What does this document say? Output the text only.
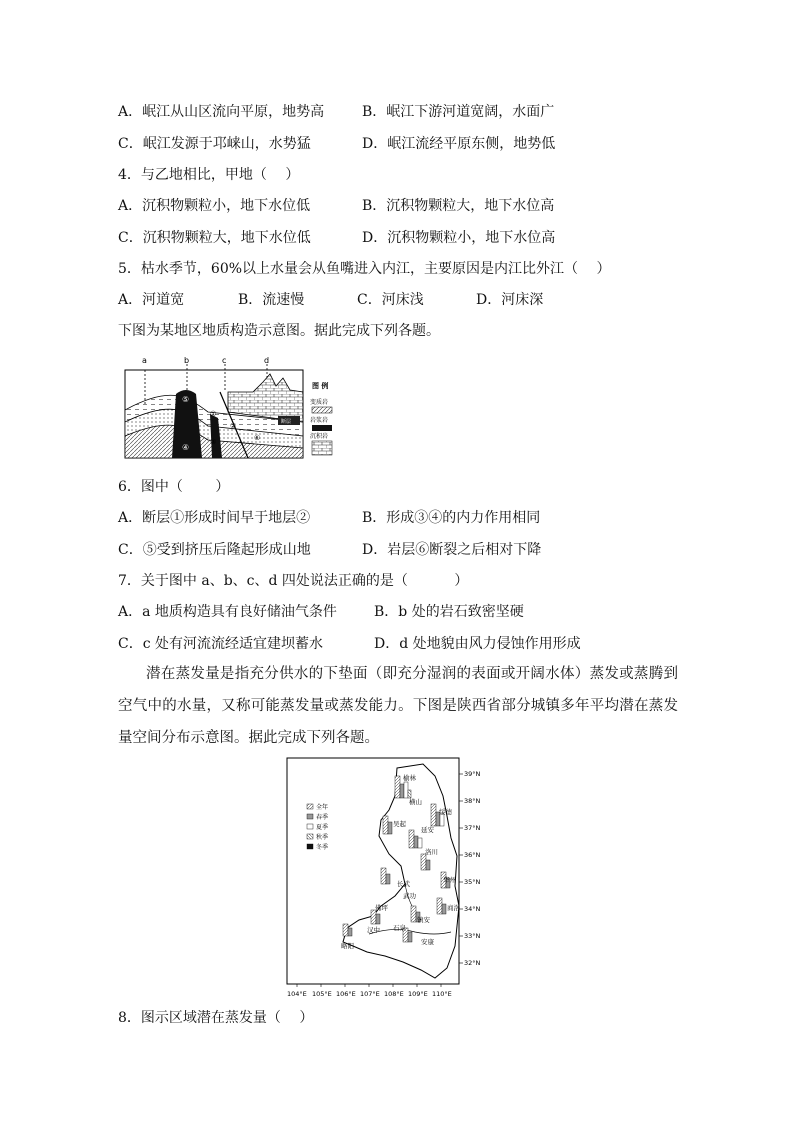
A．岷江从山区流向平原，地势高	B．岷江下游河道宽阔，水面广
C．岷江发源于邛崃山，水势猛	D．岷江流经平原东侧，地势低
4．与乙地相比，甲地（　 ）
A．沉积物颗粒小，地下水位低	B．沉积物颗粒大，地下水位高
C．沉积物颗粒大，地下水位低	D．沉积物颗粒小，地下水位高
5．枯水季节，60%以上水量会从鱼嘴进入内江，主要原因是内江比外江（　 ）
A．河道宽	B．流速慢	C．河床浅	D．河床深
下图为某地区地质构造示意图。据此完成下列各题。
a	b	c	d
⑤
①
②
③
④
⑥
断层
图 例
变质岩
岩浆岩
沉积岩
6．图中（　　 ）
A．断层①形成时间早于地层②	B．形成③④的内力作用相同
C．⑤受到挤压后隆起形成山地	D．岩层⑥断裂之后相对下降
7．关于图中 a、b、c、d 四处说法正确的是（　　　 ）
A．a 地质构造具有良好储油气条件	B．b 处的岩石致密坚硬
C．c 处有河流流经适宜建坝蓄水	D．d 处地貌由风力侵蚀作用形成
潜在蒸发量是指充分供水的下垫面（即充分湿润的表面或开阔水体）蒸发或蒸腾到空气中的水量，又称可能蒸发量或蒸发能力。下图是陕西省部分城镇多年平均潜在蒸发量空间分布示意图。据此完成下列各题。
全年
春季
夏季
秋季
冬季
榆林
横山
绥德
吴起
延安
洛川
长武
武功
华州
商洛
佛坪
镇安
汉中 石泉
安康
略阳
39°N
38°N
37°N
36°N
35°N
34°N
33°N
32°N
104°E 105°E 106°E 107°E 108°E 109°E 110°E
8．图示区域潜在蒸发量（　 ）
